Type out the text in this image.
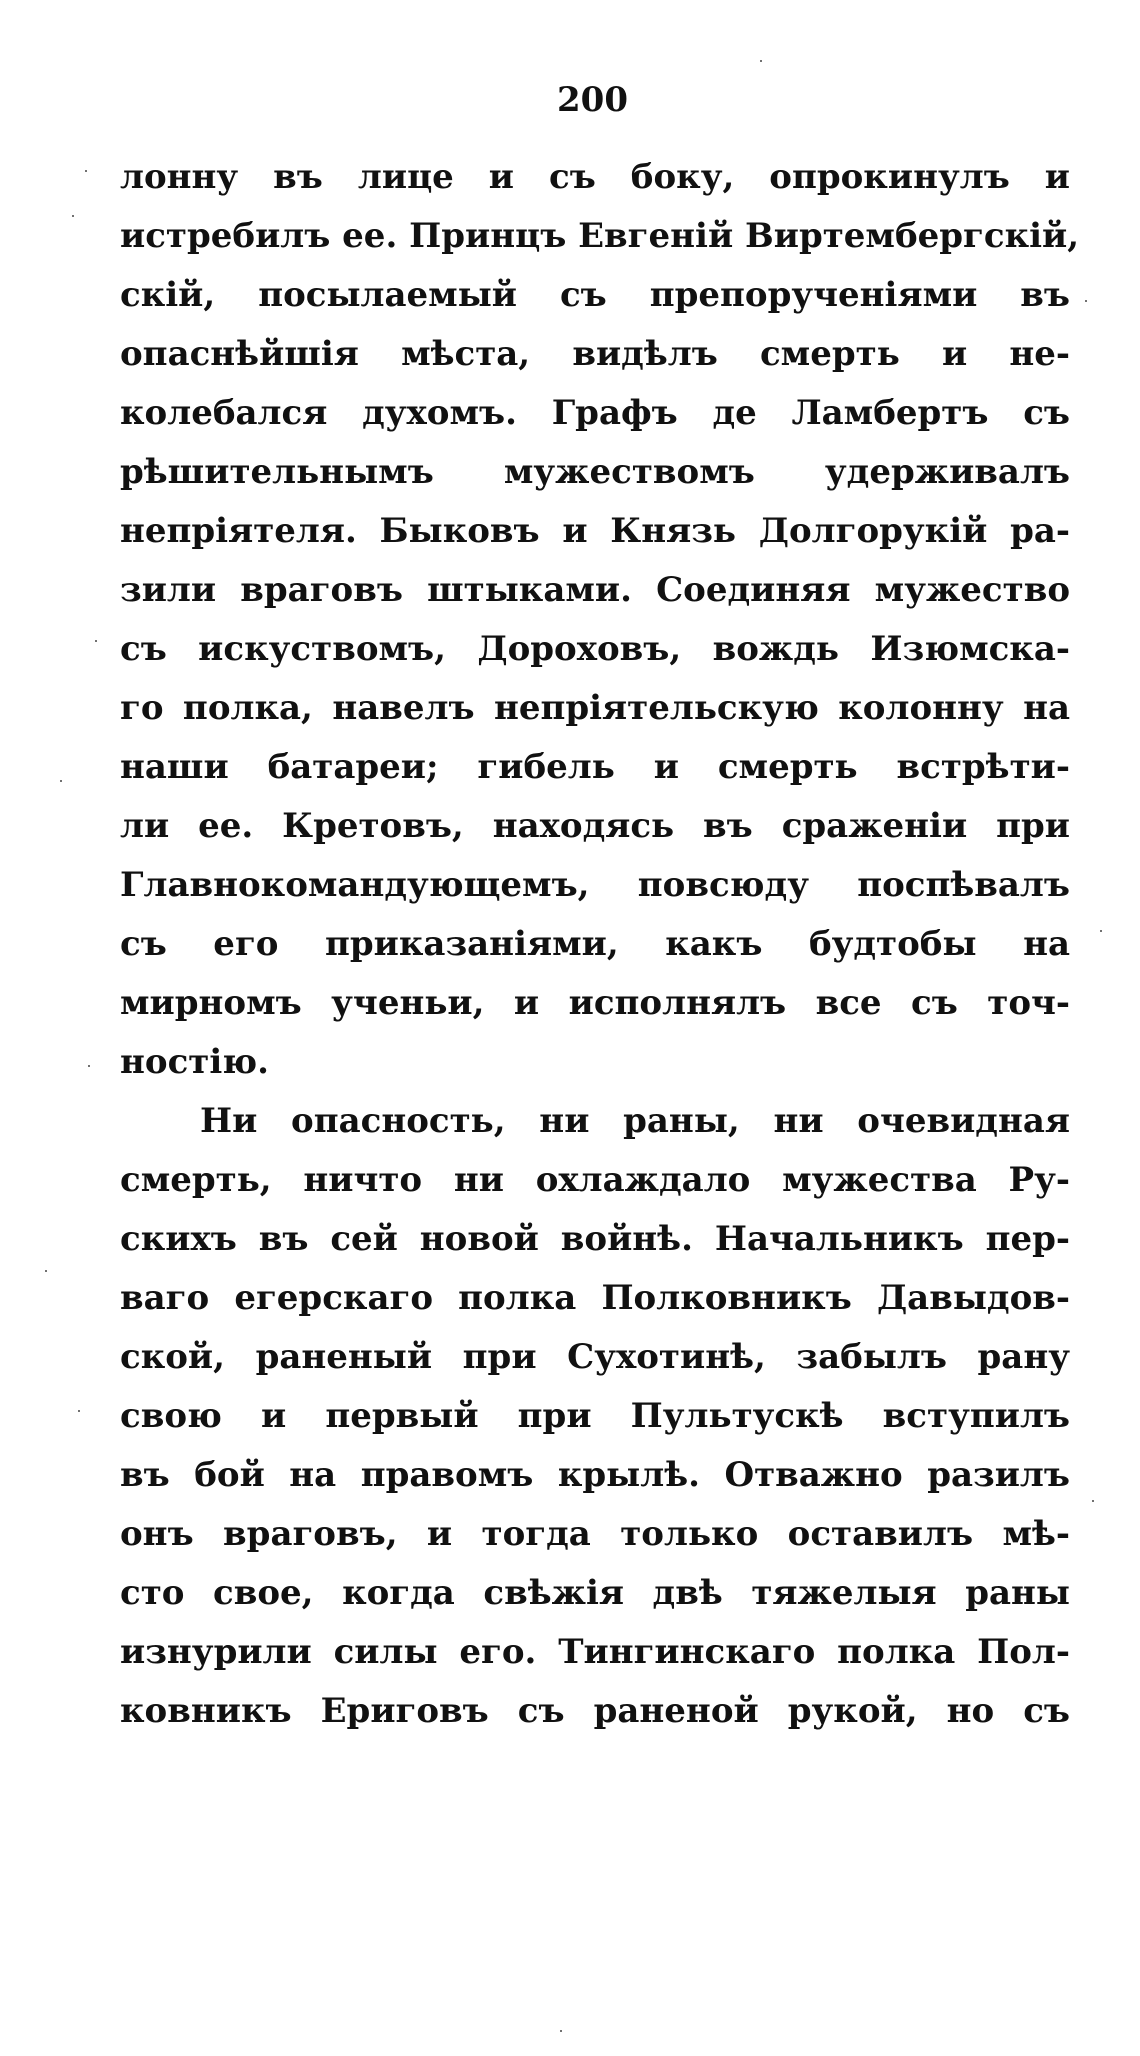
200
лонну въ лице и съ боку, опрокинулъ и
истребилъ ее. Принцъ Евгеній Виртембергскій,
скій, посылаемый съ препорученіями въ
опаснѣйшія мѣста, видѣлъ смерть и не-
колебался духомъ. Графъ де Ламбертъ съ
рѣшительнымъ мужествомъ удерживалъ
непріятеля. Быковъ и Князь Долгорукій ра-
зили враговъ штыками. Соединяя мужество
съ искуствомъ, Дороховъ, вождь Изюмска-
го полка, навелъ непріятельскую колонну на
наши батареи; гибель и смерть встрѣти-
ли ее. Кретовъ, находясь въ сраженіи при
Главнокомандующемъ, повсюду поспѣвалъ
съ его приказаніями, какъ будтобы на
мирномъ ученьи, и исполнялъ все съ точ-
ностію.
Ни опасность, ни раны, ни очевидная
смерть, ничто ни охлаждало мужества Ру-
скихъ въ сей новой войнѣ. Начальникъ пер-
ваго егерскаго полка Полковникъ Давыдов-
ской, раненый при Сухотинѣ, забылъ рану
свою и первый при Пультускѣ вступилъ
въ бой на правомъ крылѣ. Отважно разилъ
онъ враговъ, и тогда только оставилъ мѣ-
сто свое, когда свѣжія двѣ тяжелыя раны
изнурили силы его. Тингинскаго полка Пол-
ковникъ Ериговъ съ раненой рукой, но съ
